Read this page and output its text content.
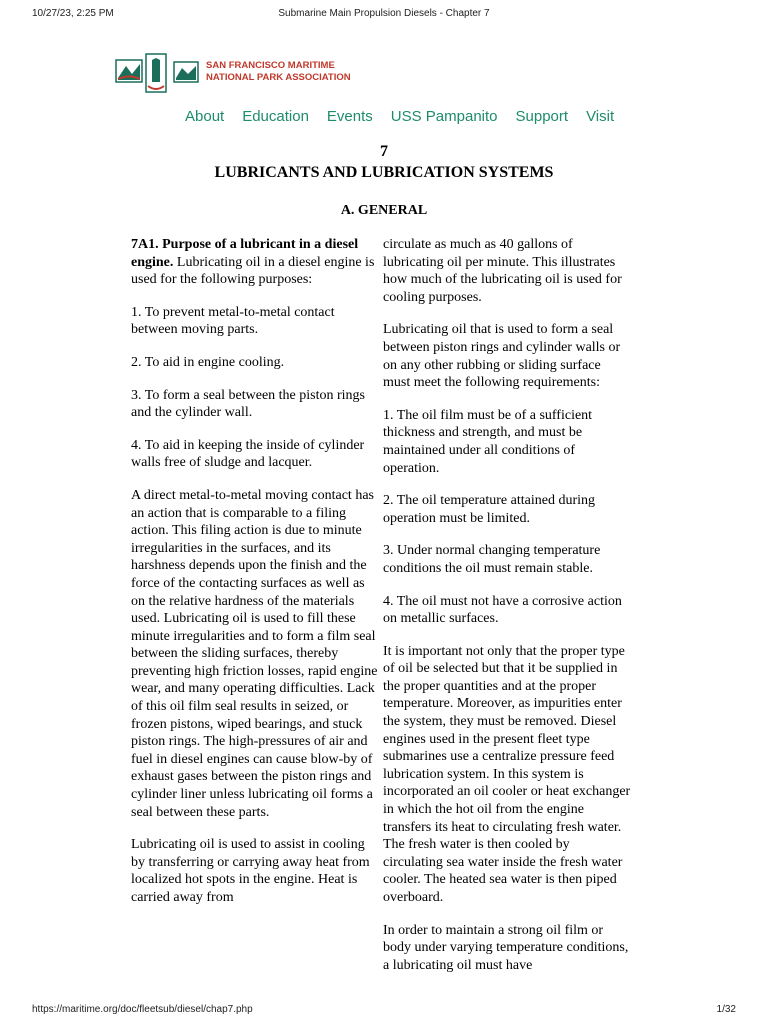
10/27/23, 2:25 PM	Submarine Main Propulsion Diesels - Chapter 7
SAN FRANCISCO MARITIME
NATIONAL PARK ASSOCIATION
About Education Events USS Pampanito Support Visit
7
LUBRICANTS AND LUBRICATION SYSTEMS
A. GENERAL

7A1. Purpose of a lubricant in a diesel engine. Lubricating oil in a diesel engine is used for the following purposes:

1. To prevent metal-to-metal contact between moving parts.

2. To aid in engine cooling.

3. To form a seal between the piston rings and the cylinder wall.

4. To aid in keeping the inside of cylinder walls free of sludge and lacquer.

A direct metal-to-metal moving contact has an action that is comparable to a filing action. This filing action is due to minute irregularities in the surfaces, and its harshness depends upon the finish and the force of the contacting surfaces as well as on the relative hardness of the materials used. Lubricating oil is used to fill these minute irregularities and to form a film seal between the sliding surfaces, thereby preventing high friction losses, rapid engine wear, and many operating difficulties. Lack of this oil film seal results in seized, or frozen pistons, wiped bearings, and stuck piston rings. The high-pressures of air and fuel in diesel engines can cause blow-by of exhaust gases between the piston rings and cylinder liner unless lubricating oil forms a seal between these parts.

Lubricating oil is used to assist in cooling by transferring or carrying away heat from localized hot spots in the engine. Heat is carried away from

circulate as much as 40 gallons of lubricating oil per minute. This illustrates how much of the lubricating oil is used for cooling purposes.

Lubricating oil that is used to form a seal between piston rings and cylinder walls or on any other rubbing or sliding surface must meet the following requirements:

1. The oil film must be of a sufficient thickness and strength, and must be maintained under all conditions of operation.

2. The oil temperature attained during operation must be limited.

3. Under normal changing temperature conditions the oil must remain stable.

4. The oil must not have a corrosive action on metallic surfaces.

It is important not only that the proper type of oil be selected but that it be supplied in the proper quantities and at the proper temperature. Moreover, as impurities enter the system, they must be removed. Diesel engines used in the present fleet type submarines use a centralize pressure feed lubrication system. In this system is incorporated an oil cooler or heat exchanger in which the hot oil from the engine transfers its heat to circulating fresh water. The fresh water is then cooled by circulating sea water inside the fresh water cooler. The heated sea water is then piped overboard.

In order to maintain a strong oil film or body under varying temperature conditions, a lubricating oil must have

https://maritime.org/doc/fleetsub/diesel/chap7.php	1/32
